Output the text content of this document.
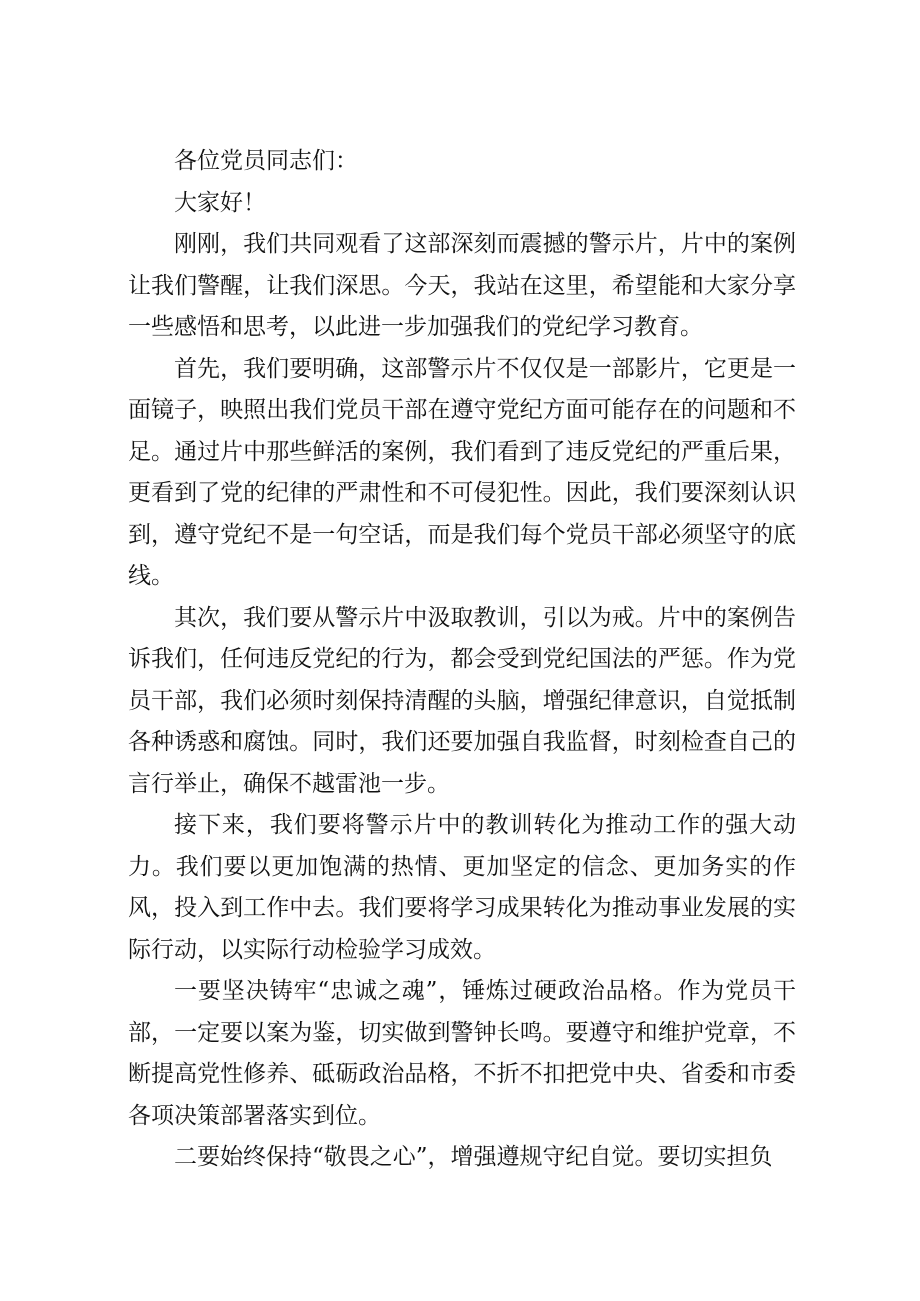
各位党员同志们：

大家好！

刚刚，我们共同观看了这部深刻而震撼的警示片，片中的案例让我们警醒，让我们深思。今天，我站在这里，希望能和大家分享一些感悟和思考，以此进一步加强我们的党纪学习教育。

首先，我们要明确，这部警示片不仅仅是一部影片，它更是一面镜子，映照出我们党员干部在遵守党纪方面可能存在的问题和不足。通过片中那些鲜活的案例，我们看到了违反党纪的严重后果，更看到了党的纪律的严肃性和不可侵犯性。因此，我们要深刻认识到，遵守党纪不是一句空话，而是我们每个党员干部必须坚守的底线。

其次，我们要从警示片中汲取教训，引以为戒。片中的案例告诉我们，任何违反党纪的行为，都会受到党纪国法的严惩。作为党员干部，我们必须时刻保持清醒的头脑，增强纪律意识，自觉抵制各种诱惑和腐蚀。同时，我们还要加强自我监督，时刻检查自己的言行举止，确保不越雷池一步。

接下来，我们要将警示片中的教训转化为推动工作的强大动力。我们要以更加饱满的热情、更加坚定的信念、更加务实的作风，投入到工作中去。我们要将学习成果转化为推动事业发展的实际行动，以实际行动检验学习成效。

一要坚决铸牢“忠诚之魂”，锤炼过硬政治品格。作为党员干部，一定要以案为鉴，切实做到警钟长鸣。要遵守和维护党章，不断提高党性修养、砥砺政治品格，不折不扣把党中央、省委和市委各项决策部署落实到位。

二要始终保持“敬畏之心”，增强遵规守纪自觉。要切实担负
